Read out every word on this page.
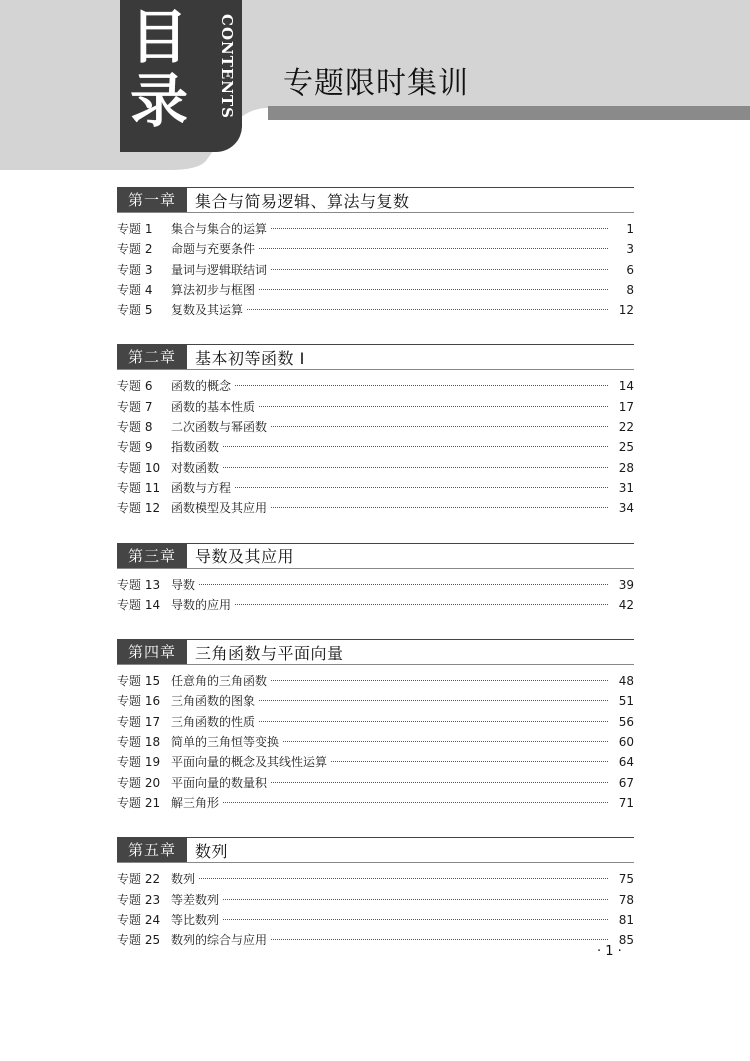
目
录	CONTENTS 专题限时集训
第一章	集合与简易逻辑、算法与复数
专题 1	集合与集合的运算	1
专题 2	命题与充要条件	3
专题 3	量词与逻辑联结词	6
专题 4	算法初步与框图	8
专题 5	复数及其运算	12
第二章	基本初等函数 I
专题 6	函数的概念	14
专题 7	函数的基本性质	17
专题 8	二次函数与幂函数	22
专题 9	指数函数	25
专题 10 对数函数	28
专题 11 函数与方程	31
专题 12 函数模型及其应用	34
第三章	导数及其应用
专题 13 导数	39
专题 14 导数的应用	42
第四章	三角函数与平面向量
专题 15 任意角的三角函数	48
专题 16 三角函数的图象	51
专题 17 三角函数的性质	56
专题 18 简单的三角恒等变换	60
专题 19 平面向量的概念及其线性运算	64
专题 20 平面向量的数量积	67
专题 21 解三角形	71
第五章	数列
专题 22 数列	75
专题 23 等差数列	78
专题 24 等比数列	81
专题 25 数列的综合与应用	85
· 1 ·
